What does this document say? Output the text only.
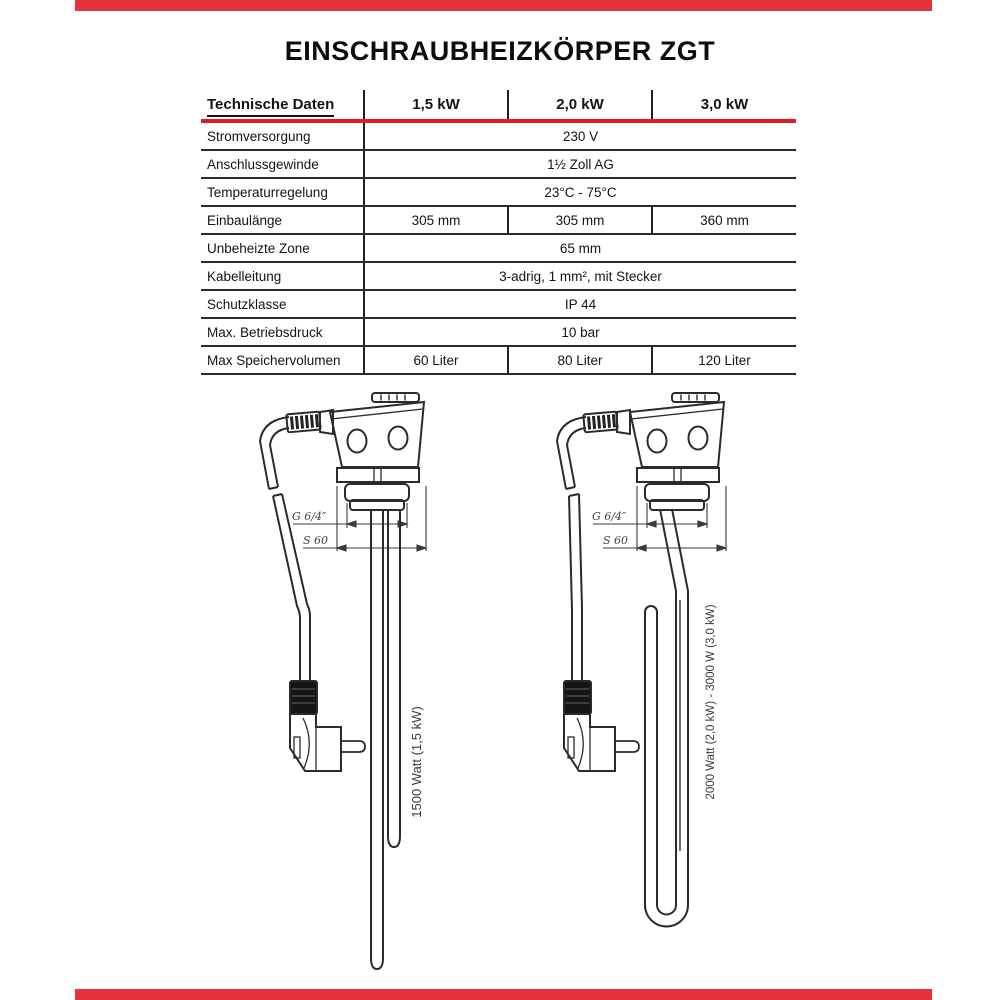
EINSCHRAUBHEIZKÖRPER ZGT
Technische Daten	1,5 kW	2,0 kW	3,0 kW
Stromversorgung	230 V		
Anschlussgewinde	1½ Zoll AG		
Temperaturregelung	23°C - 75°C		
Einbaulänge	305 mm	305 mm	360 mm
Unbeheizte Zone	65 mm		
Kabelleitung	3-adrig, 1 mm², mit Stecker		
Schutzklasse	IP 44		
Max. Betriebsdruck	10 bar		
Max Speichervolumen	60 Liter	80 Liter	120 Liter
1500 Watt (1,5 kW)	2000 Watt (2,0 kW) - 3000 W (3,0 kW)
